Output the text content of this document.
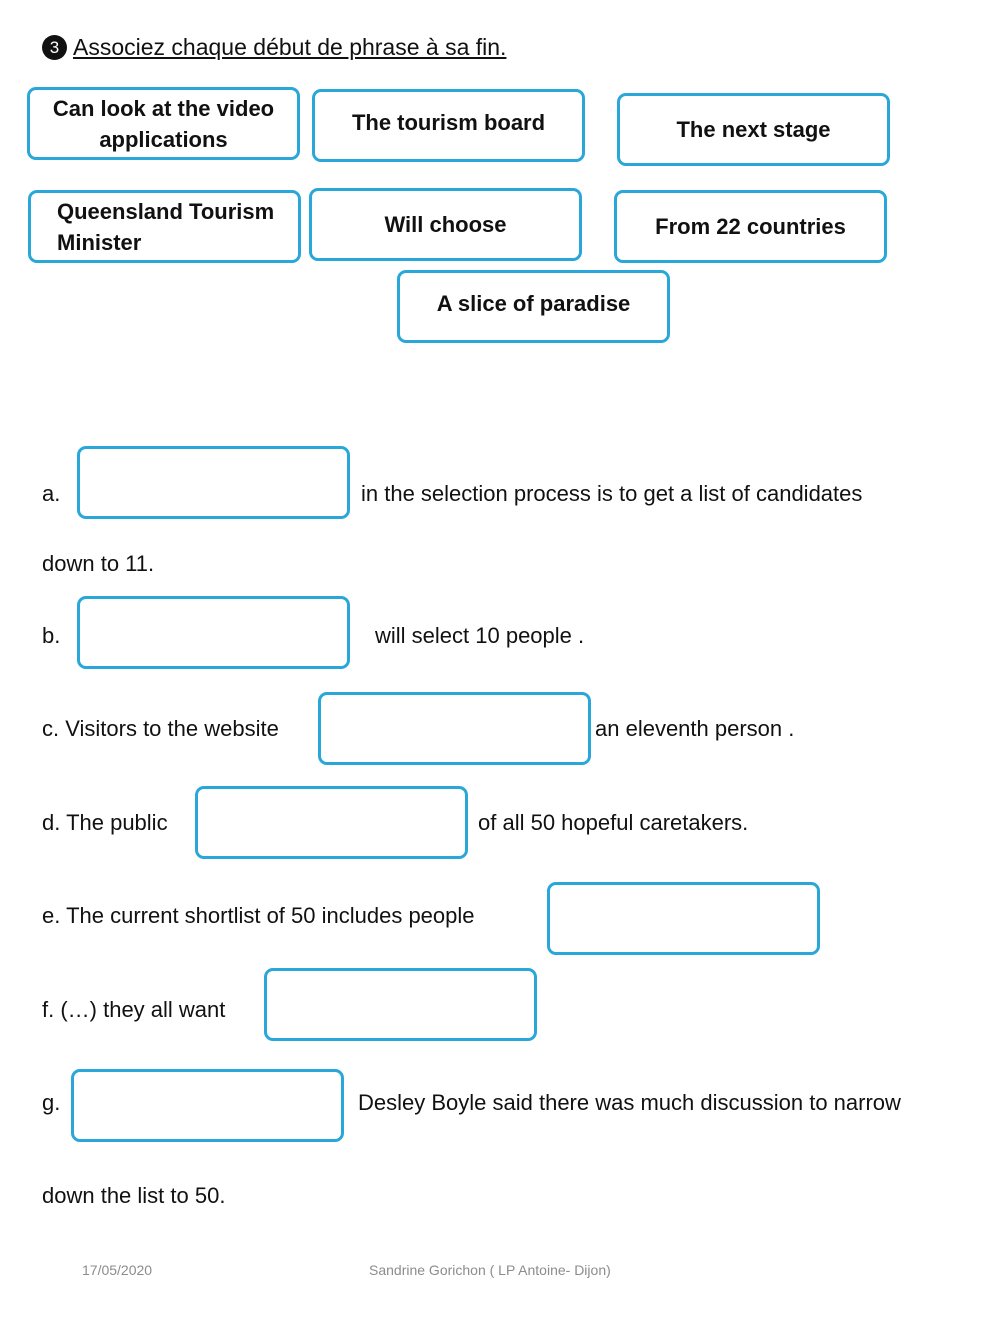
3 Associez chaque début de phrase à sa fin.
Can look at the video applications
The tourism board	The next stage
Queensland Tourism Minister
Will choose	From 22 countries
A slice of paradise
a.	in the selection process is to get a list of candidates
down to 11.
b.	will select 10 people .
c. Visitors to the website	an eleventh person .
d. The public	of all 50 hopeful caretakers.
e. The current shortlist of 50 includes people
f. (…) they all want
g.	Desley Boyle said there was much discussion to narrow
down the list to 50.
17/05/2020	Sandrine Gorichon ( LP Antoine- Dijon)
